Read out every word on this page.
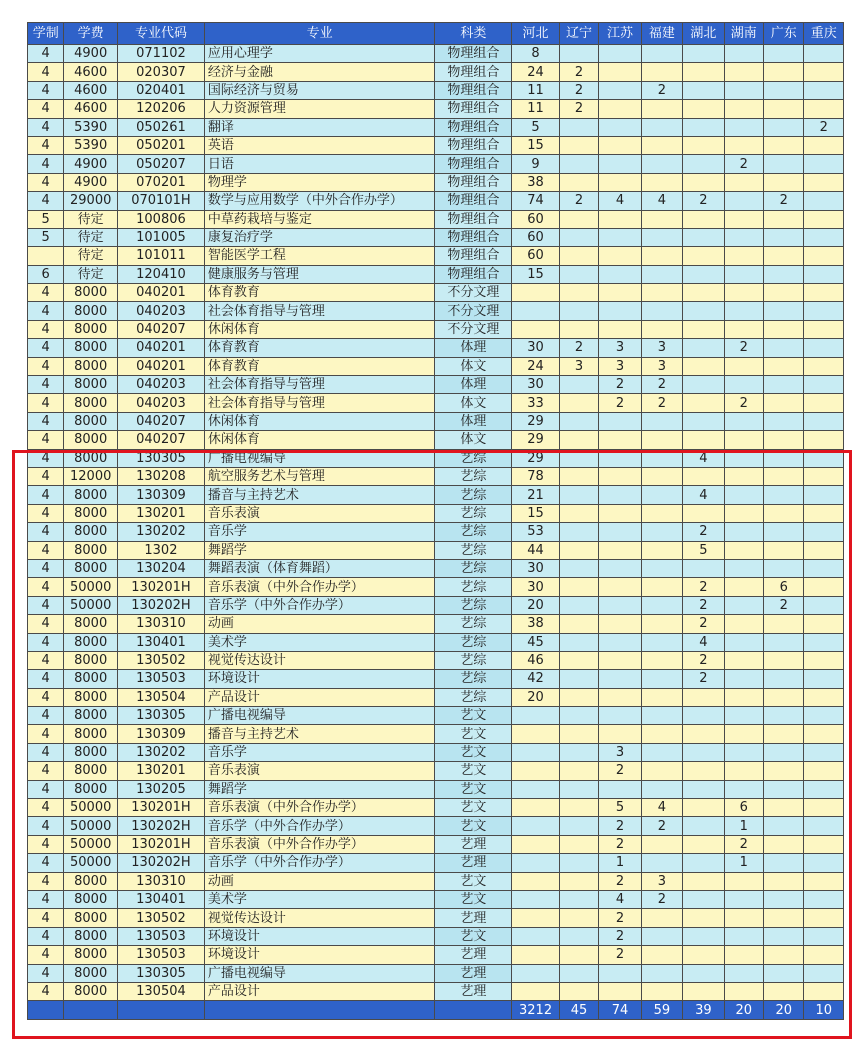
学制	学费	专业代码	专业	科类	河北	辽宁	江苏	福建	湖北	湖南	广东	重庆
4	4900	071102	应用心理学	物理组合	8							
4	4600	020307	经济与金融	物理组合	24	2						
4	4600	020401	国际经济与贸易	物理组合	11	2		2				
4	4600	120206	人力资源管理	物理组合	11	2						
4	5390	050261	翻译	物理组合	5							2
4	5390	050201	英语	物理组合	15							
4	4900	050207	日语	物理组合	9					2		
4	4900	070201	物理学	物理组合	38							
4	29000	070101H	数学与应用数学（中外合作办学）	物理组合	74	2	4	4	2		2	
5	待定	100806	中草药栽培与鉴定	物理组合	60							
5	待定	101005	康复治疗学	物理组合	60							
	待定	101011	智能医学工程	物理组合	60							
6	待定	120410	健康服务与管理	物理组合	15							
4	8000	040201	体育教育	不分文理								
4	8000	040203	社会体育指导与管理	不分文理								
4	8000	040207	休闲体育	不分文理								
4	8000	040201	体育教育	体理	30	2	3	3		2		
4	8000	040201	体育教育	体文	24	3	3	3				
4	8000	040203	社会体育指导与管理	体理	30		2	2				
4	8000	040203	社会体育指导与管理	体文	33		2	2		2		
4	8000	040207	休闲体育	体理	29							
4	8000	040207	休闲体育	体文	29							
4	8000	130305	广播电视编导	艺综	29				4			
4	12000	130208	航空服务艺术与管理	艺综	78							
4	8000	130309	播音与主持艺术	艺综	21				4			
4	8000	130201	音乐表演	艺综	15							
4	8000	130202	音乐学	艺综	53				2			
4	8000	1302	舞蹈学	艺综	44				5			
4	8000	130204	舞蹈表演（体育舞蹈）	艺综	30							
4	50000	130201H	音乐表演（中外合作办学）	艺综	30				2		6	
4	50000	130202H	音乐学（中外合作办学）	艺综	20				2		2	
4	8000	130310	动画	艺综	38				2			
4	8000	130401	美术学	艺综	45				4			
4	8000	130502	视觉传达设计	艺综	46				2			
4	8000	130503	环境设计	艺综	42				2			
4	8000	130504	产品设计	艺综	20							
4	8000	130305	广播电视编导	艺文								
4	8000	130309	播音与主持艺术	艺文								
4	8000	130202	音乐学	艺文			3					
4	8000	130201	音乐表演	艺文			2					
4	8000	130205	舞蹈学	艺文								
4	50000	130201H	音乐表演（中外合作办学）	艺文			5	4		6		
4	50000	130202H	音乐学（中外合作办学）	艺文			2	2		1		
4	50000	130201H	音乐表演（中外合作办学）	艺理			2			2		
4	50000	130202H	音乐学（中外合作办学）	艺理			1			1		
4	8000	130310	动画	艺文			2	3				
4	8000	130401	美术学	艺文			4	2				
4	8000	130502	视觉传达设计	艺理			2					
4	8000	130503	环境设计	艺文			2					
4	8000	130503	环境设计	艺理			2					
4	8000	130305	广播电视编导	艺理								
4	8000	130504	产品设计	艺理								
					3212	45	74	59	39	20	20	10
